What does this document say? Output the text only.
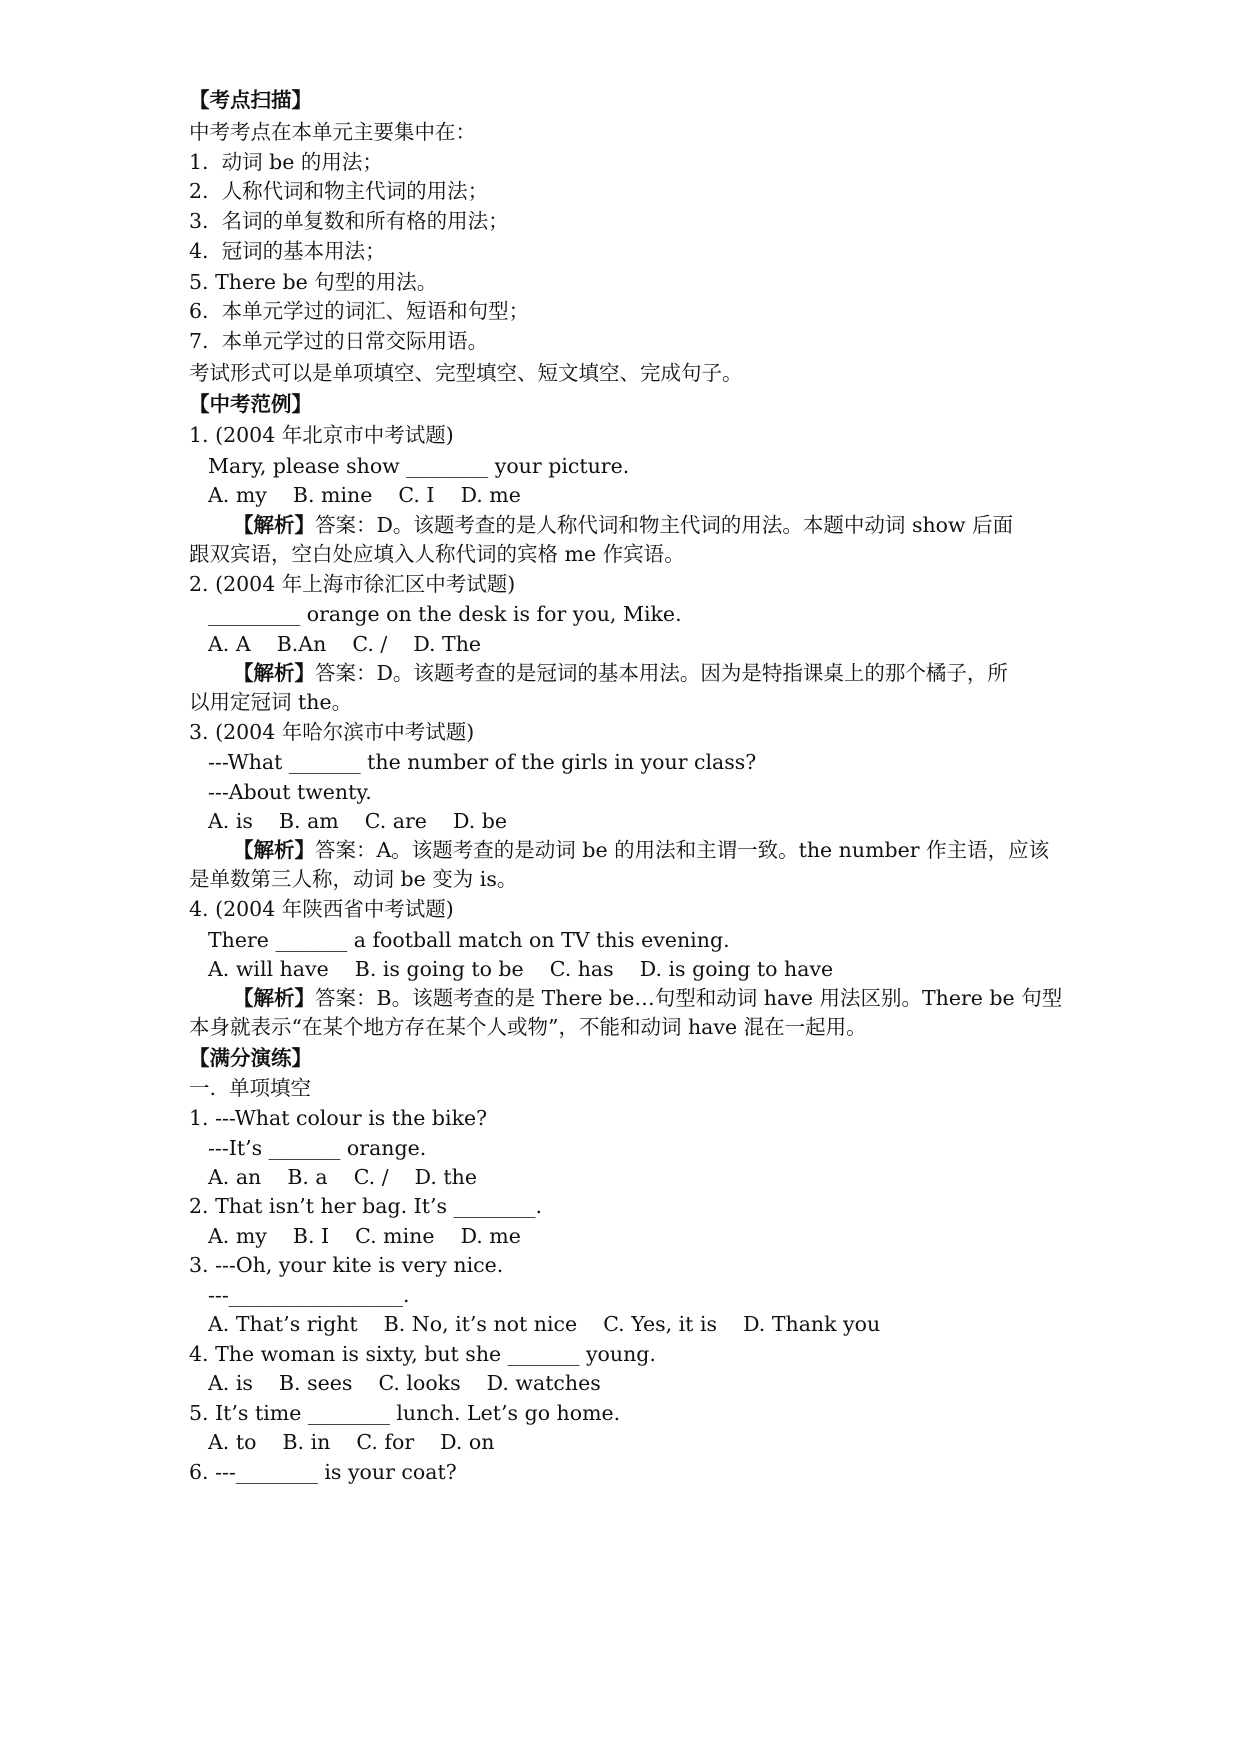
【考点扫描】
中考考点在本单元主要集中在：
1.  动词 be 的用法；
2.  人称代词和物主代词的用法；
3.  名词的单复数和所有格的用法；
4.  冠词的基本用法；
5. There be 句型的用法。
6.  本单元学过的词汇、短语和句型；
7.  本单元学过的日常交际用语。
考试形式可以是单项填空、完型填空、短文填空、完成句子。
【中考范例】
1. (2004 年北京市中考试题)
Mary, please show ________ your picture.
A. my    B. mine    C. I    D. me
【解析】答案：D。该题考查的是人称代词和物主代词的用法。本题中动词 show 后面
跟双宾语，空白处应填入人称代词的宾格 me 作宾语。
2. (2004 年上海市徐汇区中考试题)
_________ orange on the desk is for you, Mike.
A. A    B.An    C. /    D. The
【解析】答案：D。该题考查的是冠词的基本用法。因为是特指课桌上的那个橘子，所
以用定冠词 the。
3. (2004 年哈尔滨市中考试题)
---What _______ the number of the girls in your class?
---About twenty.
A. is    B. am    C. are    D. be
【解析】答案：A。该题考查的是动词 be 的用法和主谓一致。the number 作主语，应该
是单数第三人称，动词 be 变为 is。
4. (2004 年陕西省中考试题)
There _______ a football match on TV this evening.
A. will have    B. is going to be    C. has    D. is going to have
【解析】答案：B。该题考查的是 There be…句型和动词 have 用法区别。There be 句型
本身就表示“在某个地方存在某个人或物”，不能和动词 have 混在一起用。
【满分演练】
一.  单项填空
1. ---What colour is the bike?
---It’s _______ orange.
A. an    B. a    C. /    D. the
2. That isn’t her bag. It’s ________.
A. my    B. I    C. mine    D. me
3. ---Oh, your kite is very nice.
---_________________.
A. That’s right    B. No, it’s not nice    C. Yes, it is    D. Thank you
4. The woman is sixty, but she _______ young.
A. is    B. sees    C. looks    D. watches
5. It’s time ________ lunch. Let’s go home.
A. to    B. in    C. for    D. on
6. ---________ is your coat?
